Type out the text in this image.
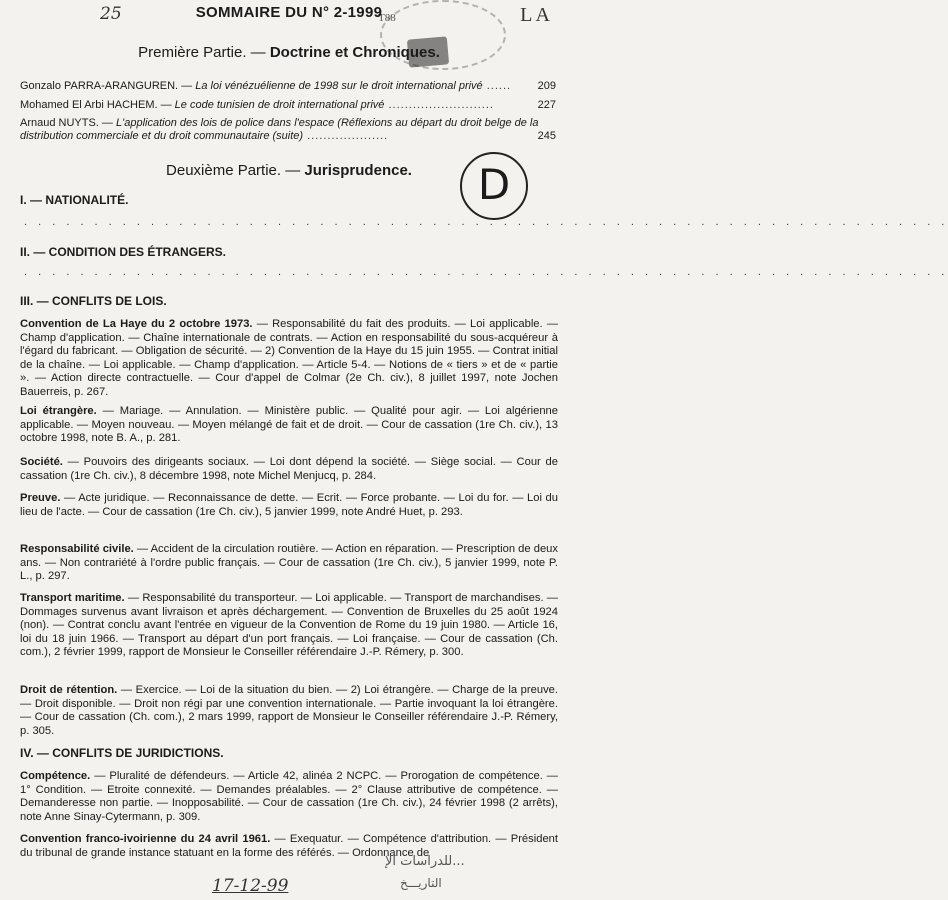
25	T88	L A
SOMMAIRE DU N° 2-1999
Première Partie. — Doctrine et Chroniques.
Gonzalo PARRA-ARANGUREN. — La loi vénézuélienne de 1998 sur le droit international privé ...... 209
Mohamed El Arbi HACHEM. — Le code tunisien de droit international privé ..........................	227
Arnaud NUYTS. — L'application des lois de police dans l'espace (Réflexions au départ du droit belge de la distribution commerciale et du droit communautaire (suite) ....................	245
Deuxième Partie. — Jurisprudence.	D
I. — NATIONALITÉ.
. . . . . . . . . . . . . . . . . . . . . . . . . . . . . . . . . . . . . . . . . . . . . . . . . . . . . . . . . . . . . . . . . .
II. — CONDITION DES ÉTRANGERS.
. . . . . . . . . . . . . . . . . . . . . . . . . . . . . . . . . . . . . . . . . . . . . . . . . . . . . . . . . . . . . . . . . .
III. — CONFLITS DE LOIS.
Convention de La Haye du 2 octobre 1973. — Responsabilité du fait des produits. — Loi applicable. — Champ d'application. — Chaîne internationale de contrats. — Action en responsabilité du sous-acquéreur à l'égard du fabricant. — Obligation de sécurité. — 2) Convention de la Haye du 15 juin 1955. — Contrat initial de la chaîne. — Loi applicable. — Champ d'application. — Article 5-4. — Notions de « tiers » et de « partie ». — Action directe contractuelle. — Cour d'appel de Colmar (2e Ch. civ.), 8 juillet 1997, note Jochen Bauerreis, p. 267.
Loi étrangère. — Mariage. — Annulation. — Ministère public. — Qualité pour agir. — Loi algérienne applicable. — Moyen nouveau. — Moyen mélangé de fait et de droit. — Cour de cassation (1re Ch. civ.), 13 octobre 1998, note B. A., p. 281.
Société. — Pouvoirs des dirigeants sociaux. — Loi dont dépend la société. — Siège social. — Cour de cassation (1re Ch. civ.), 8 décembre 1998, note Michel Menjucq, p. 284.
Preuve. — Acte juridique. — Reconnaissance de dette. — Ecrit. — Force probante. — Loi du for. — Loi du lieu de l'acte. — Cour de cassation (1re Ch. civ.), 5 janvier 1999, note André Huet, p. 293.
Responsabilité civile. — Accident de la circulation routière. — Action en réparation. — Prescription de deux ans. — Non contrariété à l'ordre public français. — Cour de cassation (1re Ch. civ.), 5 janvier 1999, note P. L., p. 297.
Transport maritime. — Responsabilité du transporteur. — Loi applicable. — Transport de marchandises. — Dommages survenus avant livraison et après déchargement. — Convention de Bruxelles du 25 août 1924 (non). — Contrat conclu avant l'entrée en vigueur de la Convention de Rome du 19 juin 1980. — Article 16, loi du 18 juin 1966. — Transport au départ d'un port français. — Loi française. — Cour de cassation (Ch. com.), 2 février 1999, rapport de Monsieur le Conseiller référendaire J.-P. Rémery, p. 300.
Droit de rétention. — Exercice. — Loi de la situation du bien. — 2) Loi étrangère. — Charge de la preuve. — Droit disponible. — Droit non régi par une convention internationale. — Partie invoquant la loi étrangère. — Cour de cassation (Ch. com.), 2 mars 1999, rapport de Monsieur le Conseiller référendaire J.-P. Rémery, p. 305.
IV. — CONFLITS DE JURIDICTIONS.
Compétence. — Pluralité de défendeurs. — Article 42, alinéa 2 NCPC. — Prorogation de compétence. — 1° Condition. — Etroite connexité. — Demandes préalables. — 2° Clause attributive de compétence. — Demanderesse non partie. — Inopposabilité. — Cour de cassation (1re Ch. civ.), 24 février 1998 (2 arrêts), note Anne Sinay-Cytermann, p. 309.
Convention franco-ivoirienne du 24 avril 1961. — Exequatur. — Compétence d'attribution. — Président du tribunal de grande instance statuant en la forme des référés. — Ordonnance de
للدراسات الإ...
التاريـــخ
17-12-99
